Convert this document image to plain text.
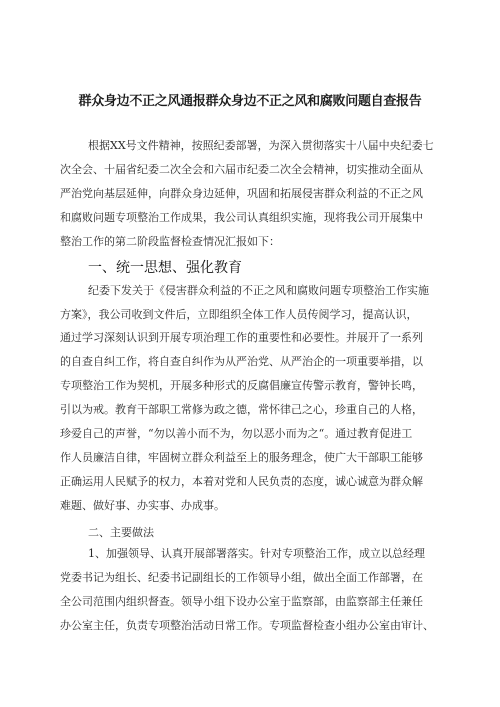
群众身边不正之风通报群众身边不正之风和腐败问题自查报告
根据XX号文件精神，按照纪委部署，为深入贯彻落实十八届中央纪委七
次全会、十届省纪委二次全会和六届市纪委二次全会精神，切实推动全面从
严治党向基层延伸，向群众身边延伸，巩固和拓展侵害群众利益的不正之风
和腐败问题专项整治工作成果，我公司认真组织实施，现将我公司开展集中
整治工作的第二阶段监督检查情况汇报如下：
一、统一思想、强化教育
纪委下发关于《侵害群众利益的不正之风和腐败问题专项整治工作实施
方案》，我公司收到文件后，立即组织全体工作人员传阅学习，提高认识，
通过学习深刻认识到开展专项治理工作的重要性和必要性。并展开了一系列
的自查自纠工作，将自查自纠作为从严治党、从严治企的一项重要举措，以
专项整治工作为契机，开展多种形式的反腐倡廉宣传警示教育，警钟长鸣，
引以为戒。教育干部职工常修为政之德，常怀律己之心，珍重自己的人格，
珍爱自己的声誉，“勿以善小而不为，勿以恶小而为之“。通过教育促进工
作人员廉洁自律，牢固树立群众利益至上的服务理念，使广大干部职工能够
正确运用人民赋予的权力，本着对党和人民负责的态度，诚心诚意为群众解
难题、做好事、办实事、办成事。
二、主要做法
1、加强领导、认真开展部署落实。针对专项整治工作，成立以总经理
党委书记为组长、纪委书记副组长的工作领导小组，做出全面工作部署，在
全公司范围内组织督查。领导小组下设办公室于监察部，由监察部主任兼任
办公室主任，负责专项整治活动日常工作。专项监督检查小组办公室由审计、
